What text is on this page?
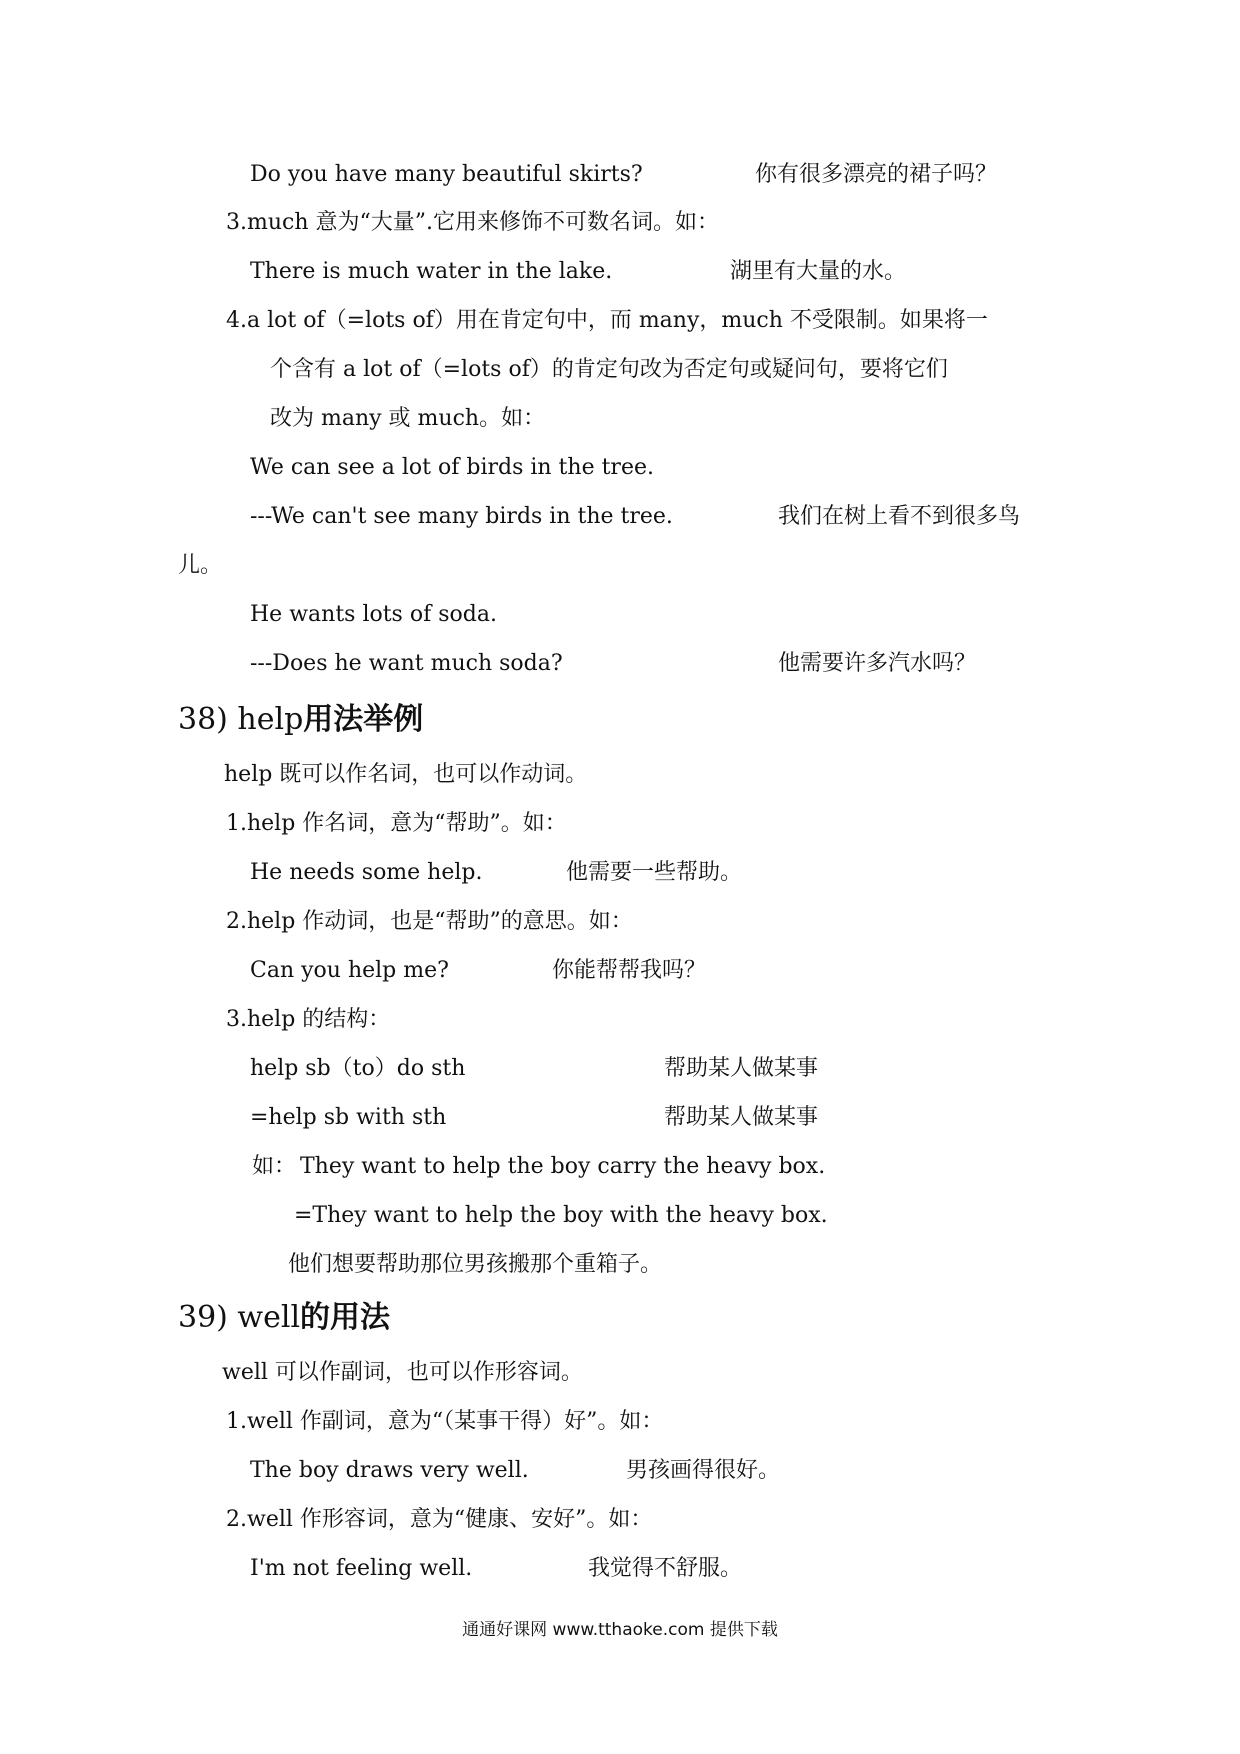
Do you have many beautiful skirts?	你有很多漂亮的裙子吗？
3.much 意为“大量”.它用来修饰不可数名词。如：
There is much water in the lake.	湖里有大量的水。
4.a lot of（=lots of）用在肯定句中，而 many，much 不受限制。如果将一
个含有 a lot of（=lots of）的肯定句改为否定句或疑问句，要将它们
改为 many 或 much。如：
We can see a lot of birds in the tree.
---We can't see many birds in the tree.	我们在树上看不到很多鸟
儿。
He wants lots of soda.
---Does he want much soda?	他需要许多汽水吗？
38) help用法举例
help 既可以作名词，也可以作动词。
1.help 作名词，意为“帮助”。如：
He needs some help.	他需要一些帮助。
2.help 作动词，也是“帮助”的意思。如：
Can you help me?	你能帮帮我吗？
3.help 的结构：
help sb（to）do sth	帮助某人做某事
=help sb with sth	帮助某人做某事
如： They want to help the boy carry the heavy box.
=They want to help the boy with the heavy box.
他们想要帮助那位男孩搬那个重箱子。
39) well的用法
well 可以作副词，也可以作形容词。
1.well 作副词，意为“（某事干得）好”。如：
The boy draws very well.	男孩画得很好。
2.well 作形容词，意为“健康、安好”。如：
I'm not feeling well.	我觉得不舒服。
通通好课网 www.tthaoke.com 提供下载
